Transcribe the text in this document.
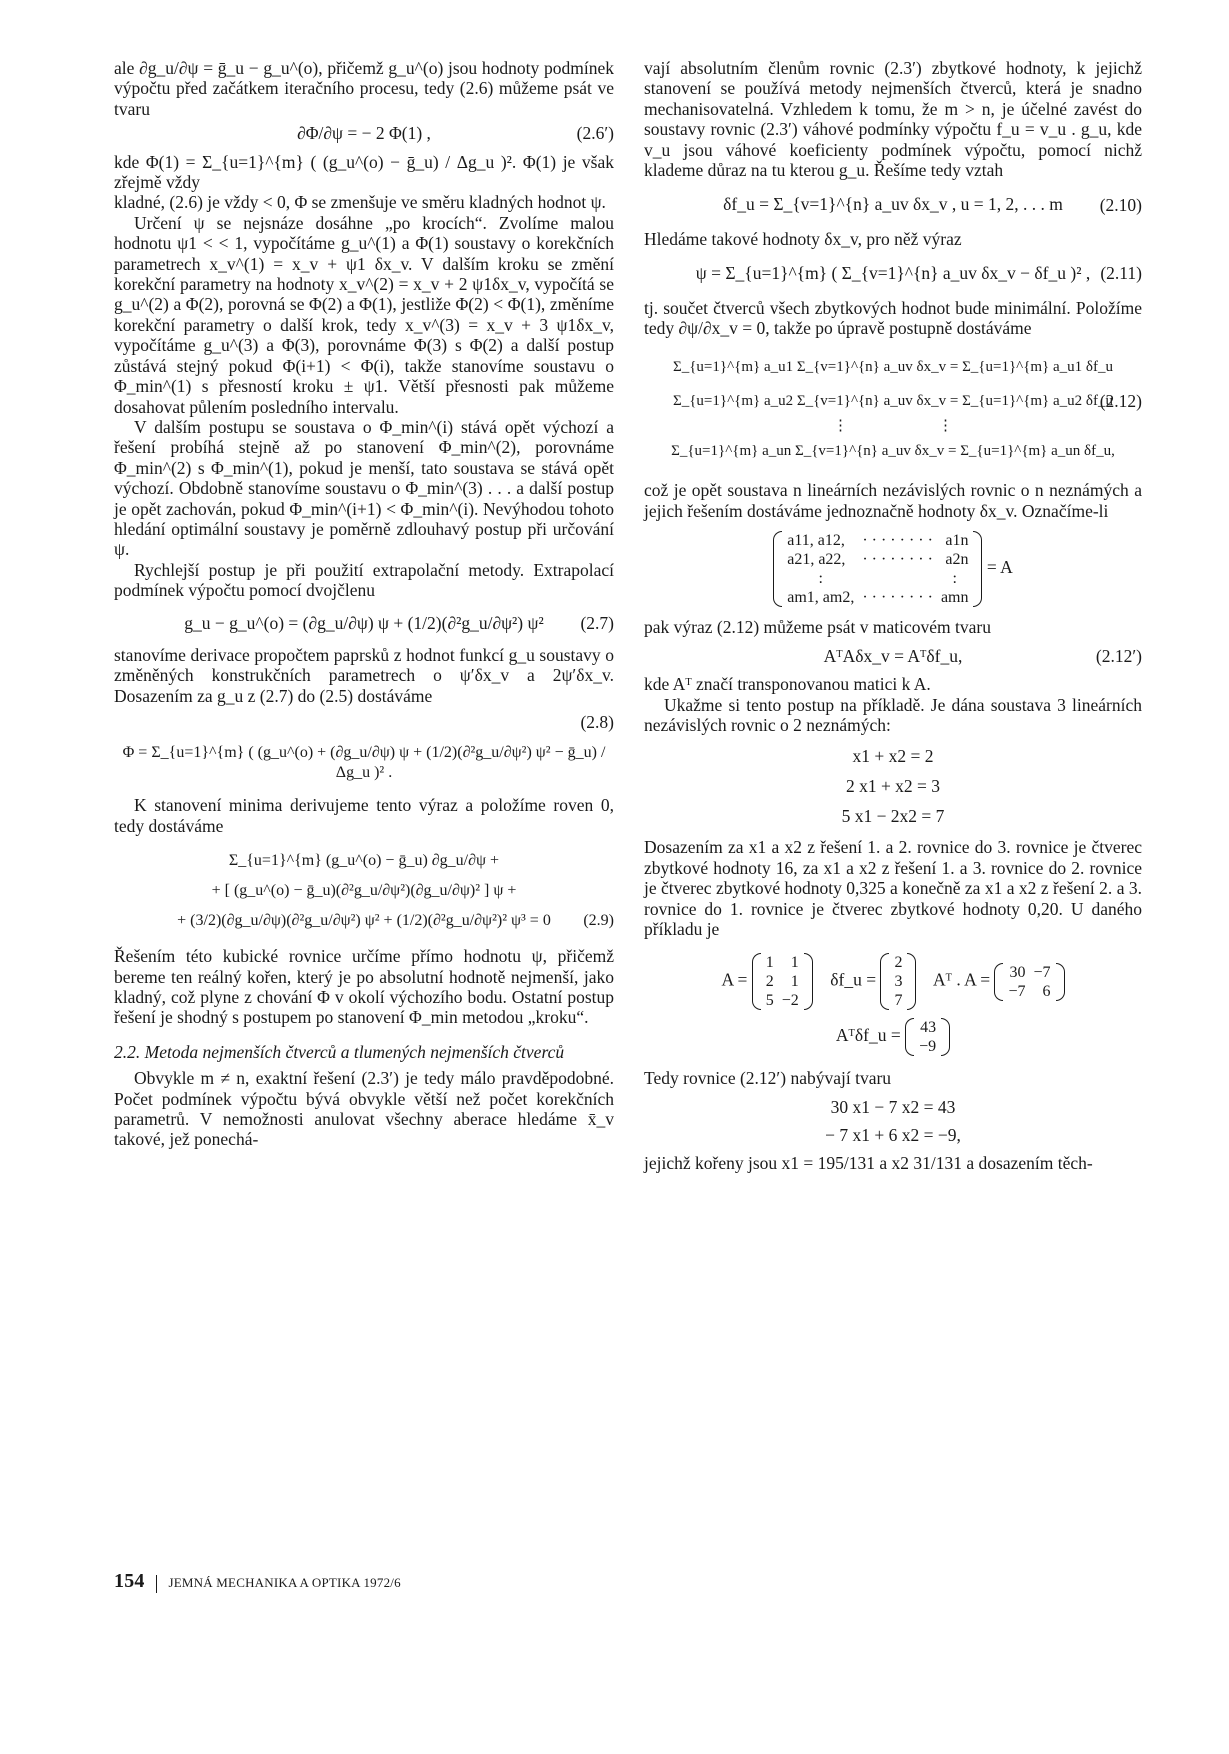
ale ∂g_u/∂ψ = ḡ_u − g_u^(o), přičemž g_u^(o) jsou hodnoty podmínek výpočtu před začátkem iteračního procesu, tedy (2.6) můžeme psát ve tvaru

∂Φ/∂ψ = − 2 Φ(1) ,	(2.6′)

kde Φ(1) = Σ_{u=1}^{m} ( (g_u^(o) − ḡ_u) / Δg_u )². Φ(1) je však zřejmě vždy

kladné, (2.6) je vždy < 0, Φ se zmenšuje ve směru kladných hodnot ψ.

Určení ψ se nejsnáze dosáhne „po krocích“. Zvolíme malou hodnotu ψ1 < < 1, vypočítáme g_u^(1) a Φ(1) soustavy o korekčních parametrech x_v^(1) = x_v + ψ1 δx_v. V dalším kroku se změní korekční parametry na hodnoty x_v^(2) = x_v + 2 ψ1δx_v, vypočítá se g_u^(2) a Φ(2), porovná se Φ(2) a Φ(1), jestliže Φ(2) < Φ(1), změníme korekční parametry o další krok, tedy x_v^(3) = x_v + 3 ψ1δx_v, vypočítáme g_u^(3) a Φ(3), porovnáme Φ(3) s Φ(2) a další postup zůstává stejný pokud Φ(i+1) < Φ(i), takže stanovíme soustavu o Φ_min^(1) s přesností kroku ± ψ1. Větší přesnosti pak můžeme dosahovat půlením posledního intervalu.

V dalším postupu se soustava o Φ_min^(i) stává opět výchozí a řešení probíhá stejně až po stanovení Φ_min^(2), porovnáme Φ_min^(2) s Φ_min^(1), pokud je menší, tato soustava se stává opět výchozí. Obdobně stanovíme soustavu o Φ_min^(3) . . . a další postup je opět zachován, pokud Φ_min^(i+1) < Φ_min^(i). Nevýhodou tohoto hledání optimální soustavy je poměrně zdlouhavý postup při určování ψ.

Rychlejší postup je při použití extrapolační metody. Extrapolací podmínek výpočtu pomocí dvojčlenu

g_u − g_u^(o) = (∂g_u/∂ψ) ψ + (1/2)(∂²g_u/∂ψ²) ψ² (2.7)

stanovíme derivace propočtem paprsků z hodnot funkcí g_u soustavy o změněných konstrukčních parametrech o ψ′δx_v a 2ψ′δx_v. Dosazením za g_u z (2.7) do (2.5) dostáváme

(2.8)
Φ = Σ_{u=1}^{m} ( (g_u^(o) + (∂g_u/∂ψ) ψ + (1/2)(∂²g_u/∂ψ²) ψ² − ḡ_u) / Δg_u )² .

K stanovení minima derivujeme tento výraz a položíme roven 0, tedy dostáváme

Σ_{u=1}^{m} (g_u^(o) − ḡ_u) ∂g_u/∂ψ +
+ [ (g_u^(o) − ḡ_u)(∂²g_u/∂ψ²)(∂g_u/∂ψ)² ] ψ +
+ (3/2)(∂g_u/∂ψ)(∂²g_u/∂ψ²) ψ² + (1/2)(∂²g_u/∂ψ²)² ψ³ = 0 (2.9)

Řešením této kubické rovnice určíme přímo hodnotu ψ, přičemž bereme ten reálný kořen, který je po absolutní hodnotě nejmenší, jako kladný, což plyne z chování Φ v okolí výchozího bodu. Ostatní postup řešení je shodný s postupem po stanovení Φ_min metodou „kroku“.

2.2. Metoda nejmenších čtverců a tlumených nejmenších čtverců

Obvykle m ≠ n, exaktní řešení (2.3′) je tedy málo pravděpodobné. Počet podmínek výpočtu bývá obvykle větší než počet korekčních parametrů. V nemožnosti anulovat všechny aberace hledáme x̄_v takové, jež ponechá-

vají absolutním členům rovnic (2.3′) zbytkové hodnoty, k jejichž stanovení se používá metody nejmenších čtverců, která je snadno mechanisovatelná. Vzhledem k tomu, že m > n, je účelné zavést do soustavy rovnic (2.3′) váhové podmínky výpočtu f_u = v_u . g_u, kde v_u jsou váhové koeficienty podmínek výpočtu, pomocí nichž klademe důraz na tu kterou g_u. Řešíme tedy vztah

δf_u = Σ_{v=1}^{n} a_uv δx_v , u = 1, 2, . . . m (2.10)

Hledáme takové hodnoty δx_v, pro něž výraz

ψ = Σ_{u=1}^{m} ( Σ_{v=1}^{n} a_uv δx_v − δf_u )² , (2.11)

tj. součet čtverců všech zbytkových hodnot bude minimální. Položíme tedy ∂ψ/∂x_v = 0, takže po úpravě postupně dostáváme

Σ_{u=1}^{m} a_u1 Σ_{v=1}^{n} a_uv δx_v = Σ_{u=1}^{m} a_u1 δf_u
Σ_{u=1}^{m} a_u2 Σ_{v=1}^{n} a_uv δx_v = Σ_{u=1}^{m} a_u2 δf_u
(2.12)
⋮                        ⋮
Σ_{u=1}^{m} a_un Σ_{v=1}^{n} a_uv δx_v = Σ_{u=1}^{m} a_un δf_u,

což je opět soustava n lineárních nezávislých rovnic o n neznámých a jejich řešením dostáváme jednoznačně hodnoty δx_v. Označíme-li

a11, a12,	· · · · · · · ·	a1n
a21, a22,	· · · · · · · ·	a2n
:		:
am1, am2,	· · · · · · · ·	amn
= A

pak výraz (2.12) můžeme psát v maticovém tvaru

AᵀAδx_v = Aᵀδf_u,	(2.12′)

kde Aᵀ značí transponovanou matici k A.

Ukažme si tento postup na příkladě. Je dána soustava 3 lineárních nezávislých rovnic o 2 neznámých:

x1 + x2 = 2
2 x1 + x2 = 3
5 x1 − 2x2 = 7

Dosazením za x1 a x2 z řešení 1. a 2. rovnice do 3. rovnice je čtverec zbytkové hodnoty 16, za x1 a x2 z řešení 1. a 3. rovnice do 2. rovnice je čtverec zbytkové hodnoty 0,325 a konečně za x1 a x2 z řešení 2. a 3. rovnice do 1. rovnice je čtverec zbytkové hodnoty 0,20. U daného příkladu je

A =
1	1
2	1
5	−2
δf_u =
2
3
7
Aᵀ . A = 30	−7

−7	6
Aᵀδf_u = 43
−9

Tedy rovnice (2.12′) nabývají tvaru

30 x1 − 7 x2 = 43
− 7 x1 + 6 x2 = −9,

jejichž kořeny jsou x1 = 195/131 a x2 31/131 a dosazením těch-

154 JEMNÁ MECHANIKA A OPTIKA 1972/6
